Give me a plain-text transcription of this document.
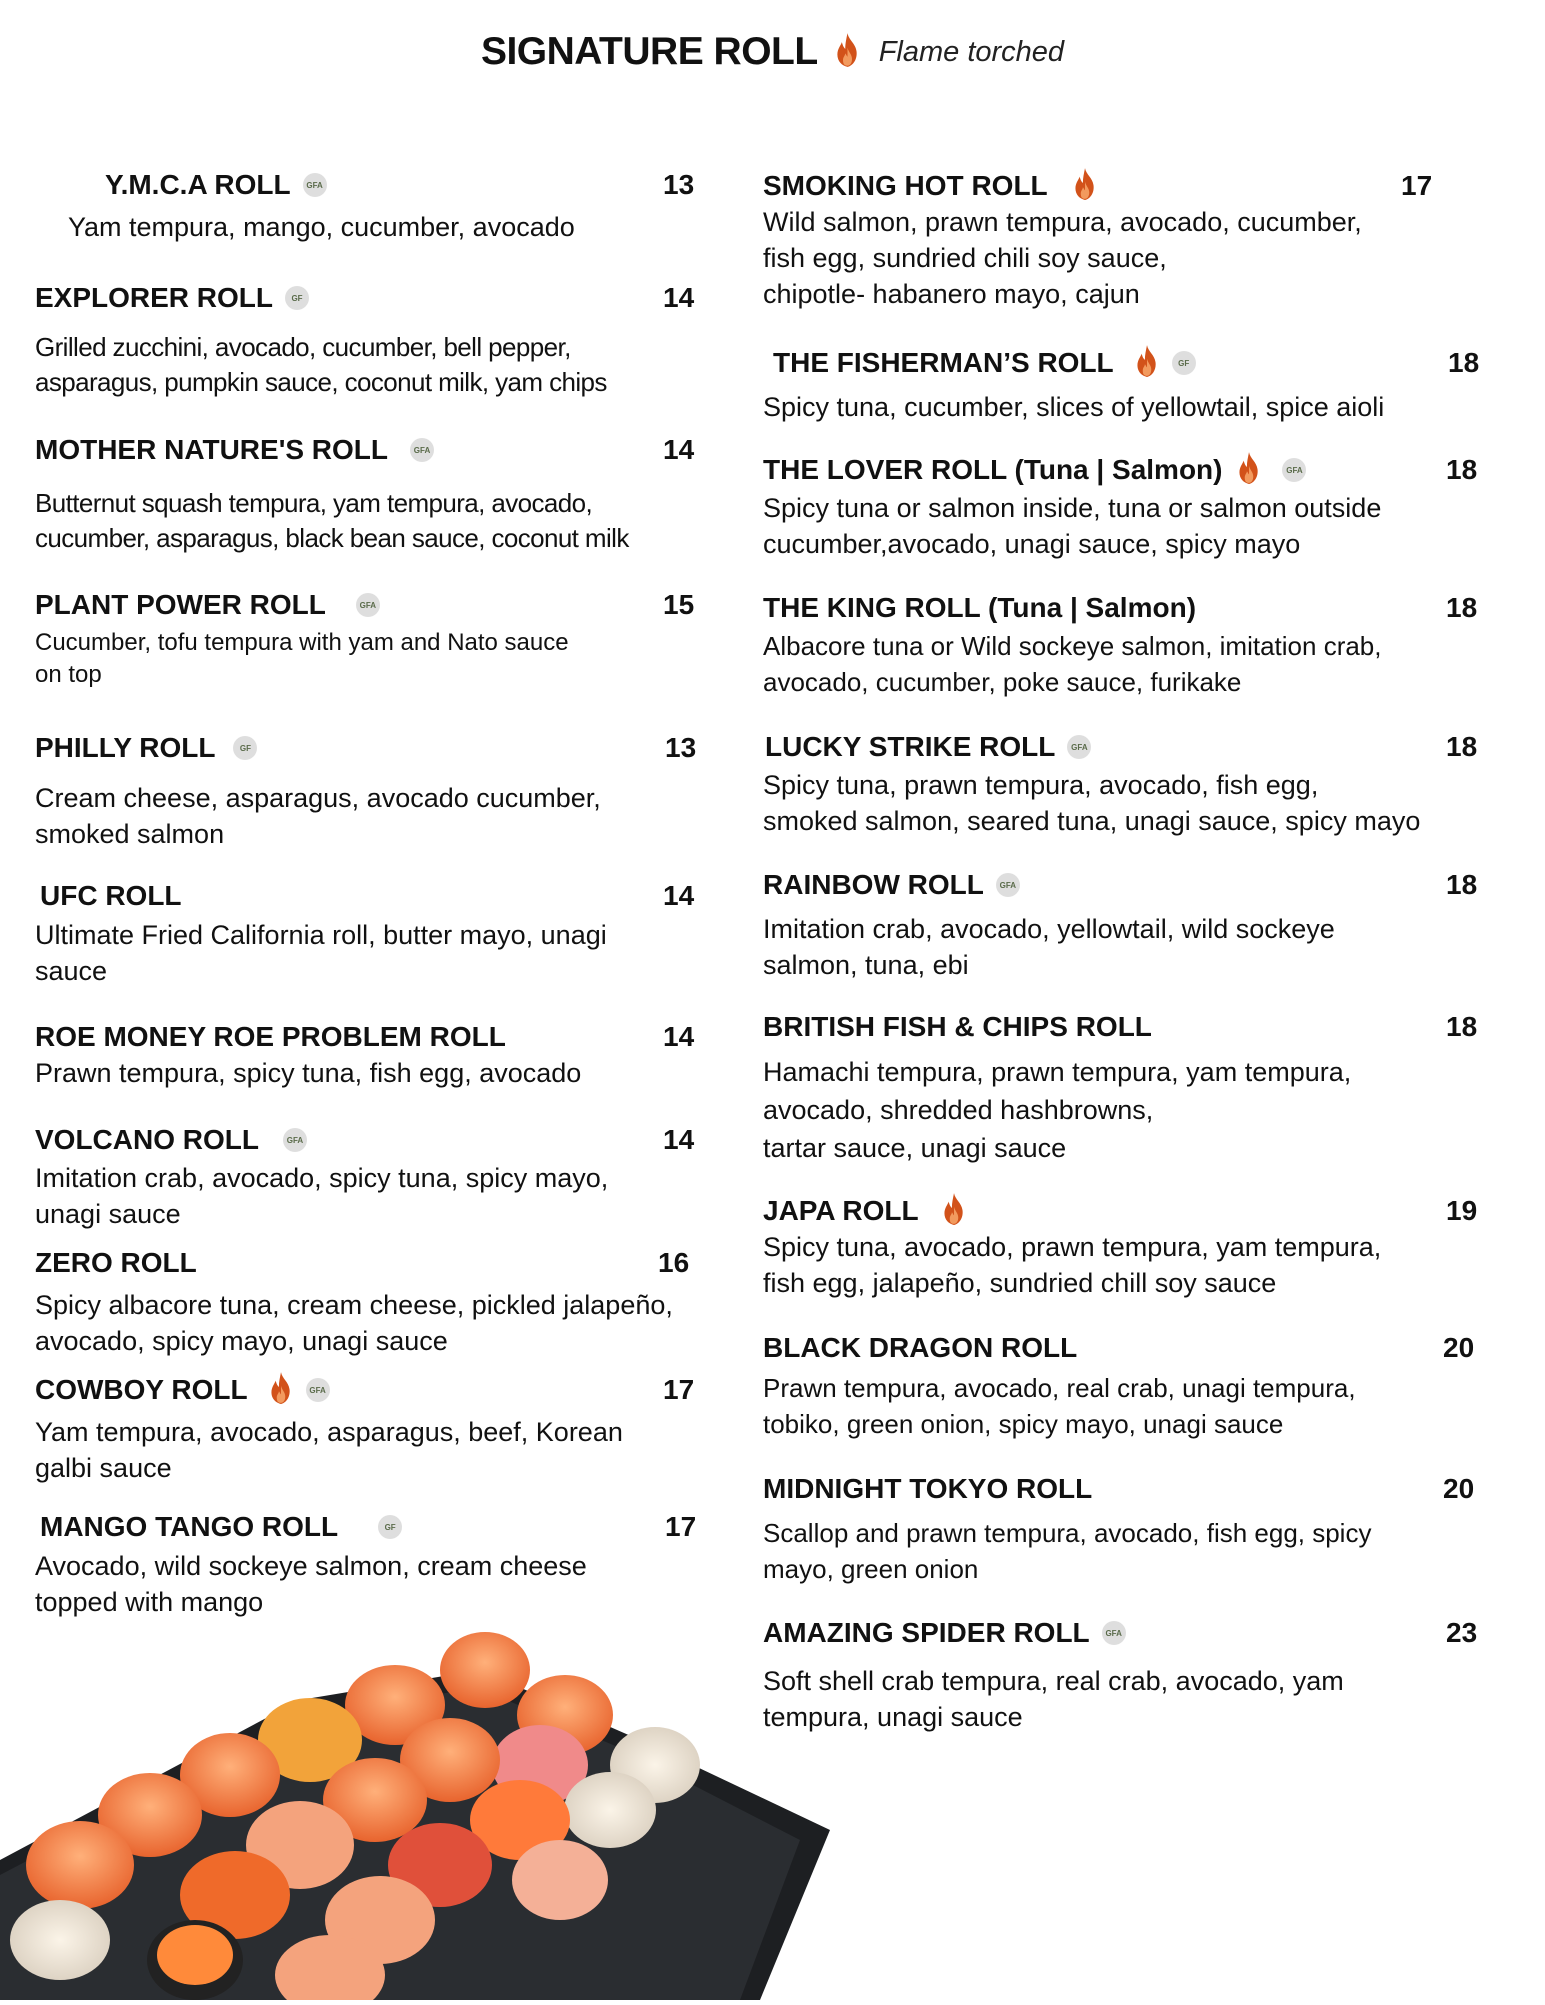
SIGNATURE ROLL Flame torched
Y.M.C.A ROLL	GFA	13
Yam tempura, mango, cucumber, avocado
EXPLORER ROLL	GF	14
Grilled zucchini, avocado, cucumber, bell pepper,
asparagus, pumpkin sauce, coconut milk, yam chips
MOTHER NATURE'S ROLL	GFA	14
Butternut squash tempura, yam tempura, avocado,
cucumber, asparagus, black bean sauce, coconut milk
PLANT POWER ROLL	GFA	15
Cucumber, tofu tempura with yam and Nato sauce
on top
PHILLY ROLL	GF	13
Cream cheese, asparagus, avocado cucumber,
smoked salmon
UFC ROLL	14
Ultimate Fried California roll, butter mayo, unagi
sauce
ROE MONEY ROE PROBLEM ROLL	14
Prawn tempura, spicy tuna, fish egg, avocado
VOLCANO ROLL	GFA	14
Imitation crab, avocado, spicy tuna, spicy mayo,
unagi sauce
ZERO ROLL	16
Spicy albacore tuna, cream cheese, pickled jalapeño,
avocado, spicy mayo, unagi sauce
COWBOY ROLL	GFA	17
Yam tempura, avocado, asparagus, beef, Korean
galbi sauce
MANGO TANGO ROLL	GF	17
Avocado, wild sockeye salmon, cream cheese
topped with mango
SMOKING HOT ROLL	17
Wild salmon, prawn tempura, avocado, cucumber,
fish egg, sundried chili soy sauce,
chipotle- habanero mayo, cajun
THE FISHERMAN’S ROLL	GF	18
Spicy tuna, cucumber, slices of yellowtail, spice aioli
THE LOVER ROLL (Tuna | Salmon)	GFA	18
Spicy tuna or salmon inside, tuna or salmon outside
cucumber,avocado, unagi sauce, spicy mayo
THE KING ROLL (Tuna | Salmon)	18
Albacore tuna or Wild sockeye salmon, imitation crab,
avocado, cucumber, poke sauce, furikake
LUCKY STRIKE ROLL	GFA	18
Spicy tuna, prawn tempura, avocado, fish egg,
smoked salmon, seared tuna, unagi sauce, spicy mayo
RAINBOW ROLL	GFA	18
Imitation crab, avocado, yellowtail, wild sockeye
salmon, tuna, ebi
BRITISH FISH & CHIPS ROLL	18
Hamachi tempura, prawn tempura, yam tempura,
avocado, shredded hashbrowns,
tartar sauce, unagi sauce
JAPA ROLL	19
Spicy tuna, avocado, prawn tempura, yam tempura,
fish egg, jalapeño, sundried chill soy sauce
BLACK DRAGON ROLL	20
Prawn tempura, avocado, real crab, unagi tempura,
tobiko, green onion, spicy mayo, unagi sauce
MIDNIGHT TOKYO ROLL	20
Scallop and prawn tempura, avocado, fish egg, spicy
mayo, green onion
AMAZING SPIDER ROLL	GFA	23
Soft shell crab tempura, real crab, avocado, yam
tempura, unagi sauce
